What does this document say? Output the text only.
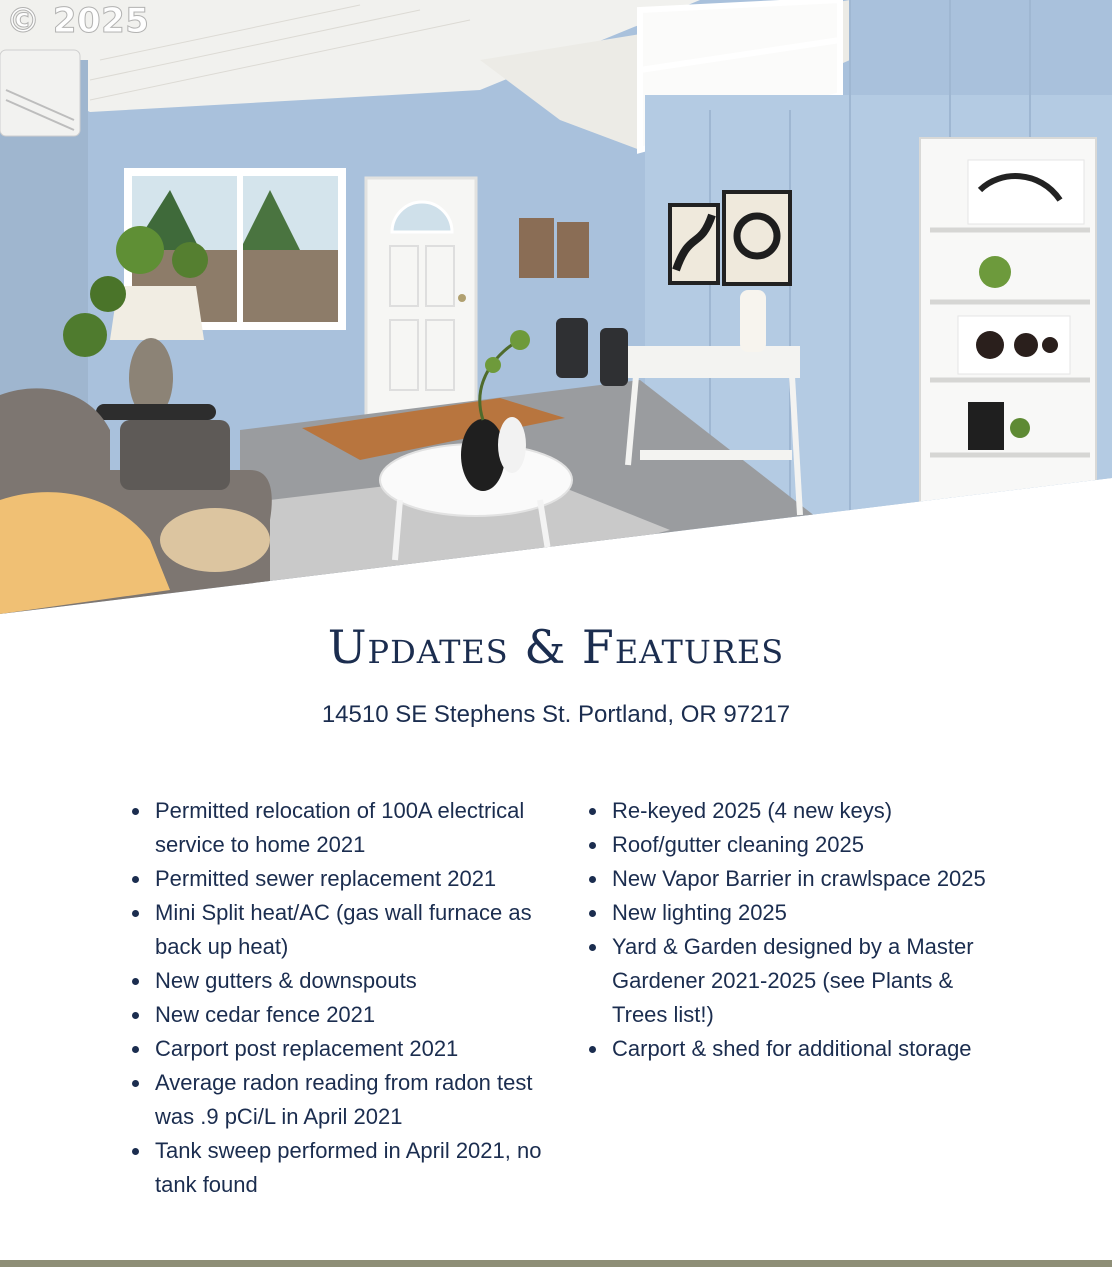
© 2025
Updates & Features
14510 SE Stephens St. Portland, OR 97217
Permitted relocation of 100A electrical service to home 2021
Permitted sewer replacement 2021
Mini Split heat/AC (gas wall furnace as back up heat)
New gutters & downspouts
New cedar fence 2021
Carport post replacement 2021
Average radon reading from radon test was .9 pCi/L in April 2021
Tank sweep performed in April 2021, no tank found
Re-keyed 2025 (4 new keys)
Roof/gutter cleaning 2025
New Vapor Barrier in crawlspace 2025
New lighting 2025
Yard & Garden designed by a Master Gardener 2021-2025 (see Plants & Trees list!)
Carport & shed for additional storage
